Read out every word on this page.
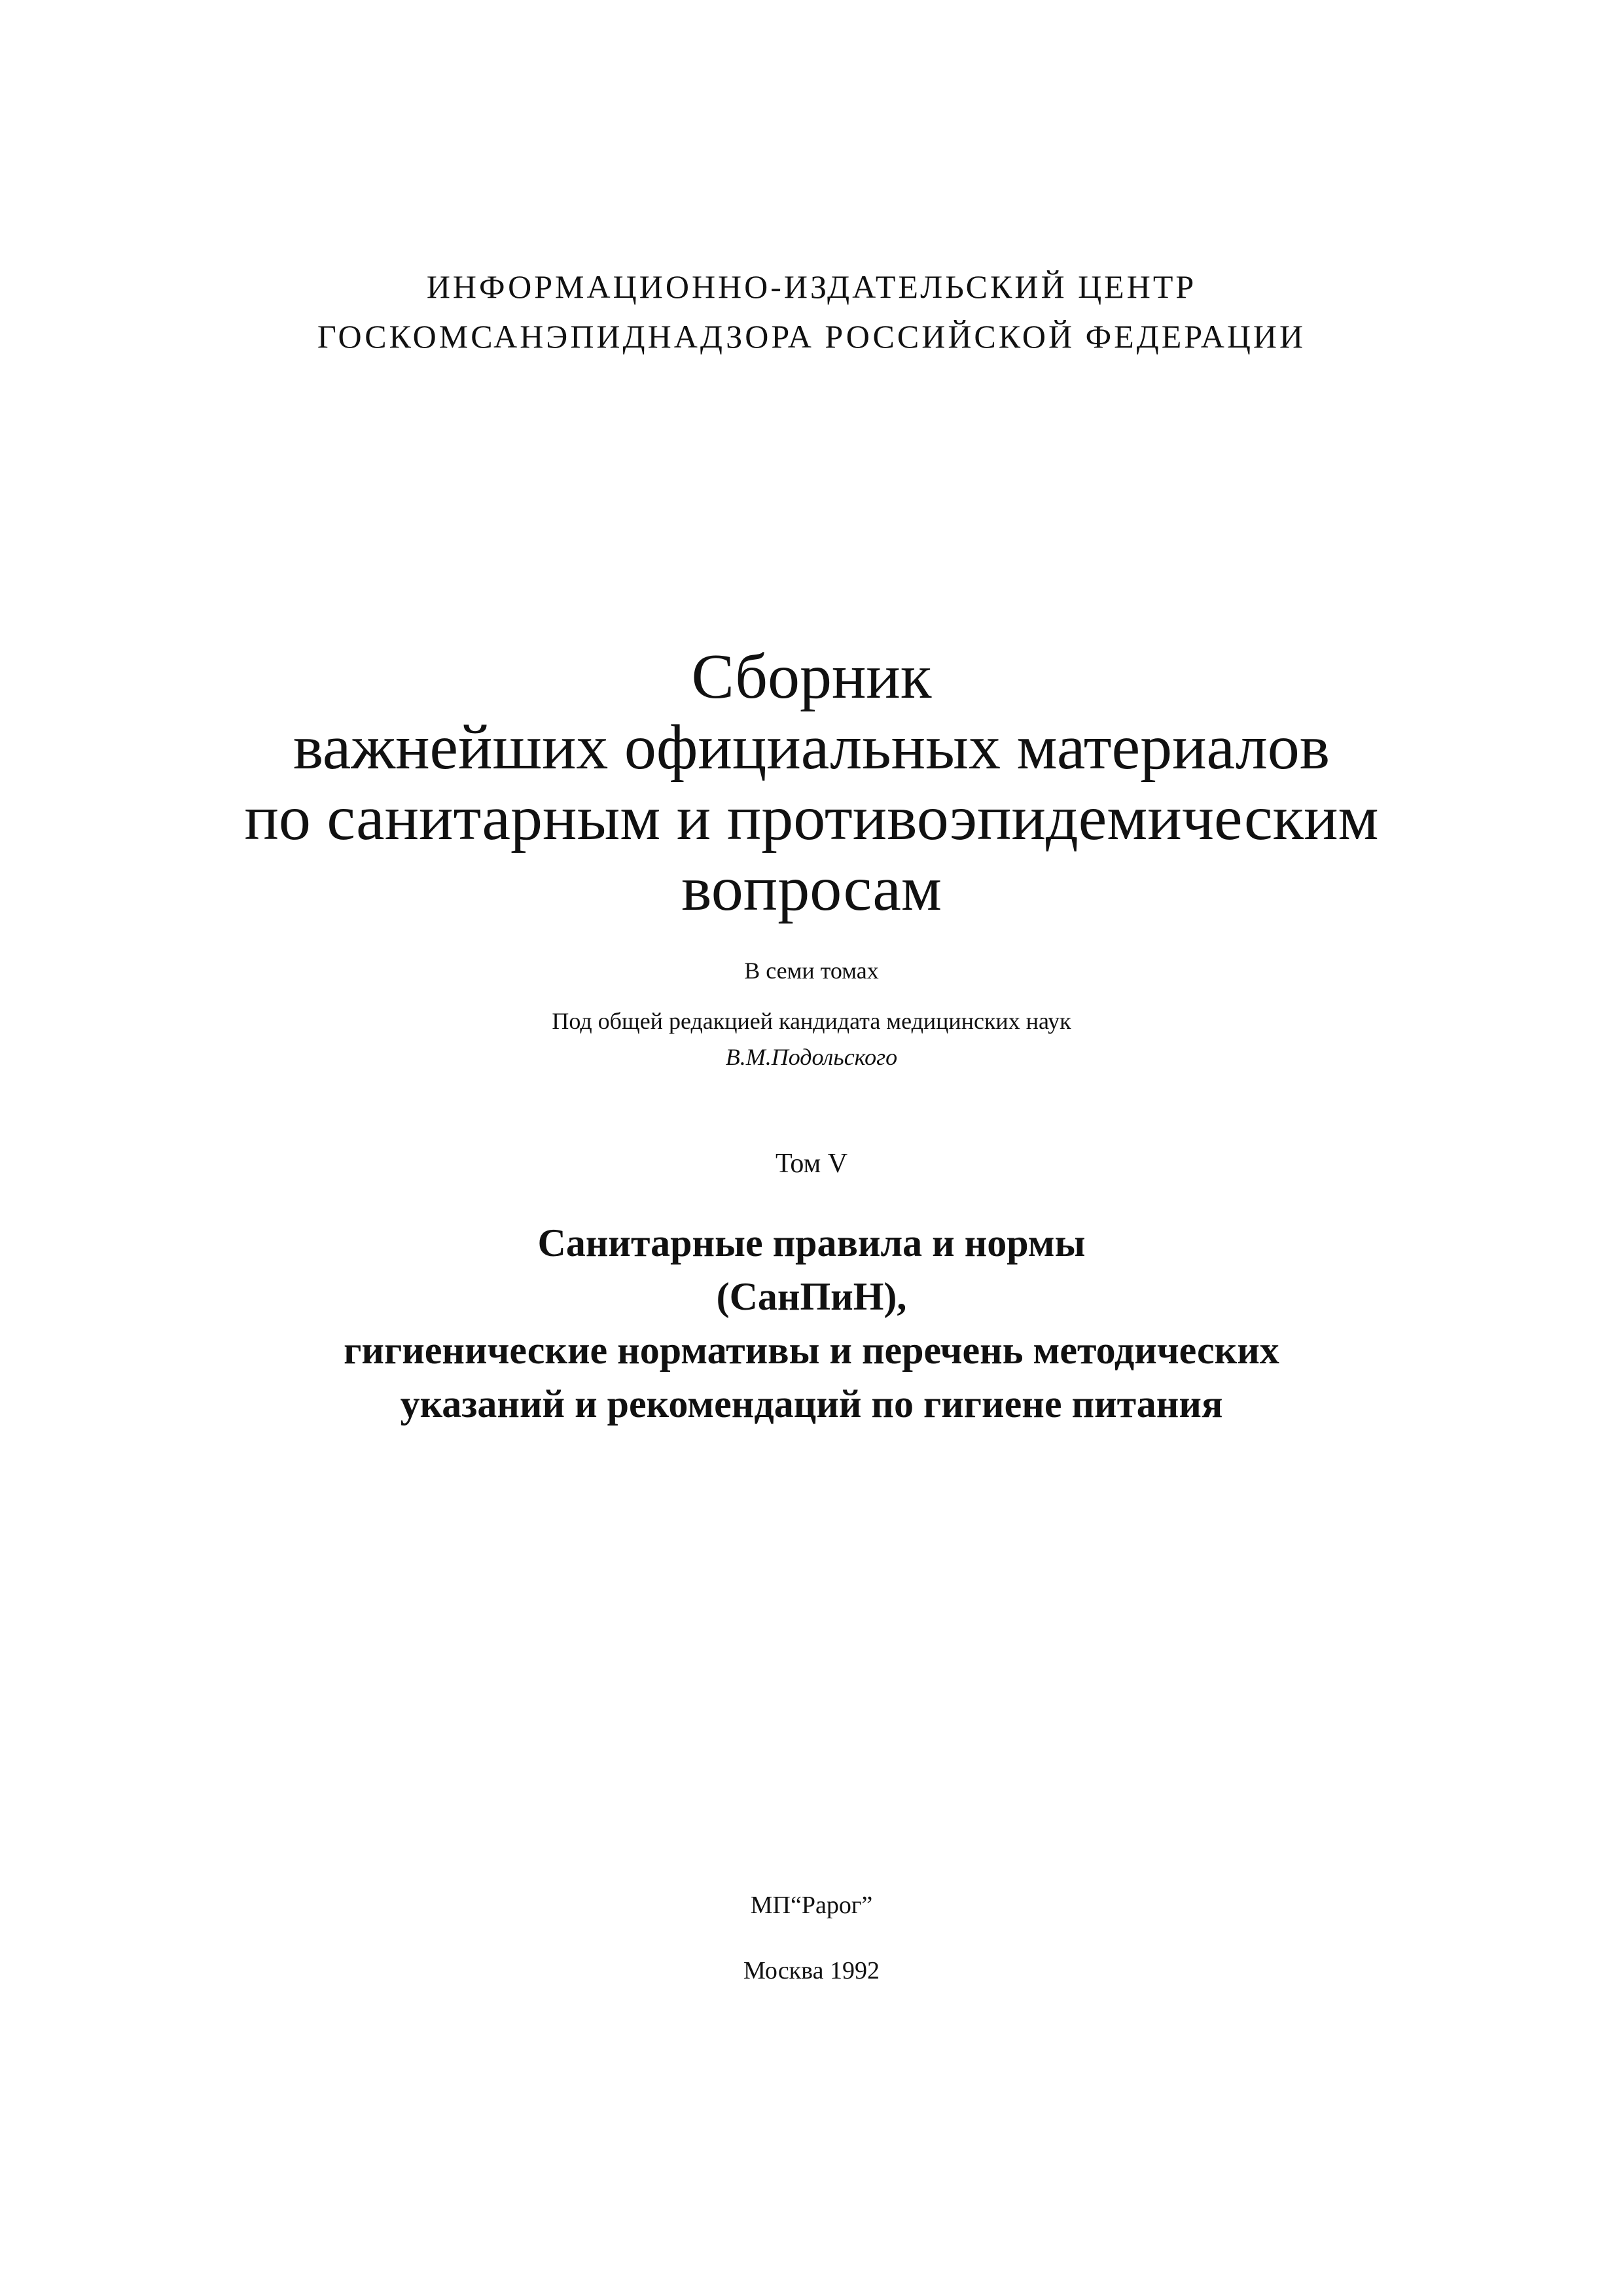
ИНФОРМАЦИОННО-ИЗДАТЕЛЬСКИЙ ЦЕНТР
ГОСКОМСАНЭПИДНАДЗОРА РОССИЙСКОЙ ФЕДЕРАЦИИ
Сборник
важнейших официальных материалов
по санитарным и противоэпидемическим
вопросам
В семи томах
Под общей редакцией кандидата медицинских наук
В.М.Подольского
Том V
Санитарные правила и нормы
(СанПиН),
гигиенические нормативы и перечень методических
указаний и рекомендаций по гигиене питания
МП“Рарог”
Москва 1992
